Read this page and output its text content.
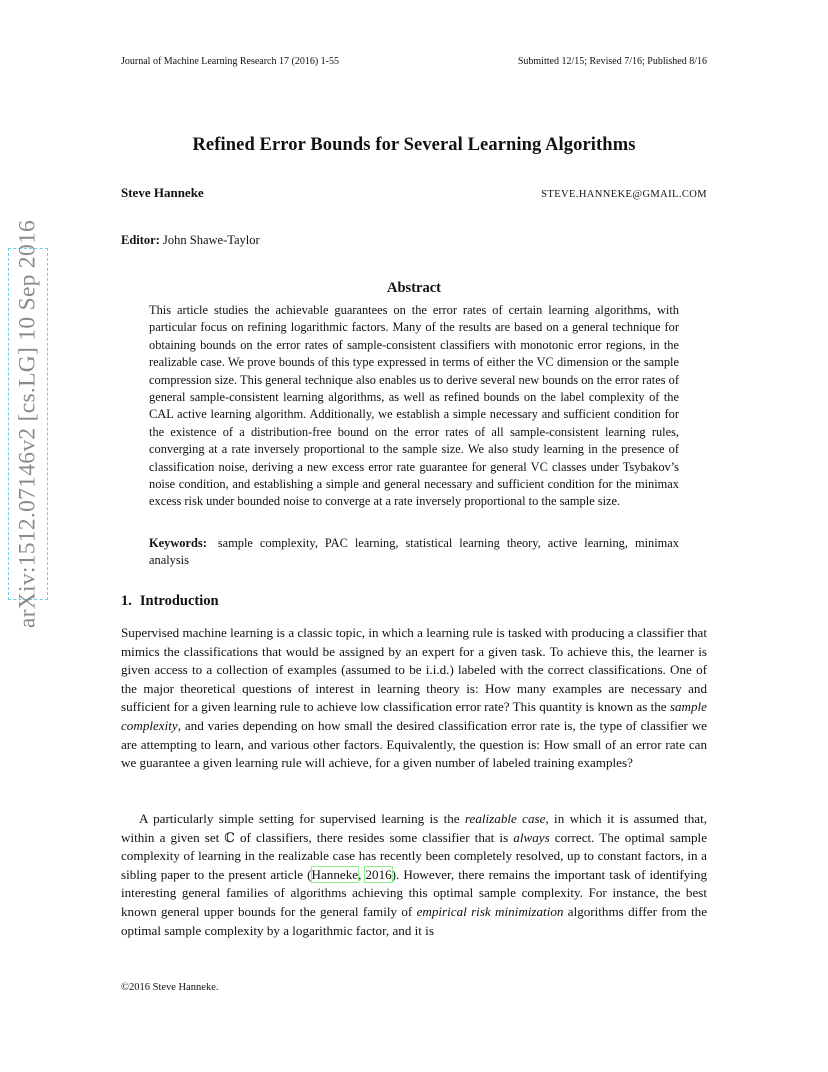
Journal of Machine Learning Research 17 (2016) 1-55	Submitted 12/15; Revised 7/16; Published 8/16
arXiv:1512.07146v2 [cs.LG] 10 Sep 2016
Refined Error Bounds for Several Learning Algorithms
Steve Hanneke	STEVE.HANNEKE@GMAIL.COM
Editor: John Shawe-Taylor
Abstract
This article studies the achievable guarantees on the error rates of certain learning algorithms, with particular focus on refining logarithmic factors. Many of the results are based on a general technique for obtaining bounds on the error rates of sample-consistent classifiers with monotonic error regions, in the realizable case. We prove bounds of this type expressed in terms of either the VC dimension or the sample compression size. This general technique also enables us to derive several new bounds on the error rates of general sample-consistent learning algorithms, as well as refined bounds on the label complexity of the CAL active learning algorithm. Additionally, we establish a simple necessary and sufficient condition for the existence of a distribution-free bound on the error rates of all sample-consistent learning rules, converging at a rate inversely proportional to the sample size. We also study learning in the presence of classification noise, deriving a new excess error rate guarantee for general VC classes under Tsybakov’s noise condition, and establishing a simple and general necessary and sufficient condition for the minimax excess risk under bounded noise to converge at a rate inversely proportional to the sample size.
Keywords: sample complexity, PAC learning, statistical learning theory, active learning, minimax analysis
1. Introduction

Supervised machine learning is a classic topic, in which a learning rule is tasked with producing a classifier that mimics the classifications that would be assigned by an expert for a given task. To achieve this, the learner is given access to a collection of examples (assumed to be i.i.d.) labeled with the correct classifications. One of the major theoretical questions of interest in learning theory is: How many examples are necessary and sufficient for a given learning rule to achieve low classification error rate? This quantity is known as the sample complexity, and varies depending on how small the desired classification error rate is, the type of classifier we are attempting to learn, and various other factors. Equivalently, the question is: How small of an error rate can we guarantee a given learning rule will achieve, for a given number of labeled training examples?

A particularly simple setting for supervised learning is the realizable case, in which it is assumed that, within a given set ℂ of classifiers, there resides some classifier that is always correct. The optimal sample complexity of learning in the realizable case has recently been completely resolved, up to constant factors, in a sibling paper to the present article (Hanneke, 2016). However, there remains the important task of identifying interesting general families of algorithms achieving this optimal sample complexity. For instance, the best known general upper bounds for the general family of empirical risk minimization algorithms differ from the optimal sample complexity by a logarithmic factor, and it is

©2016 Steve Hanneke.
